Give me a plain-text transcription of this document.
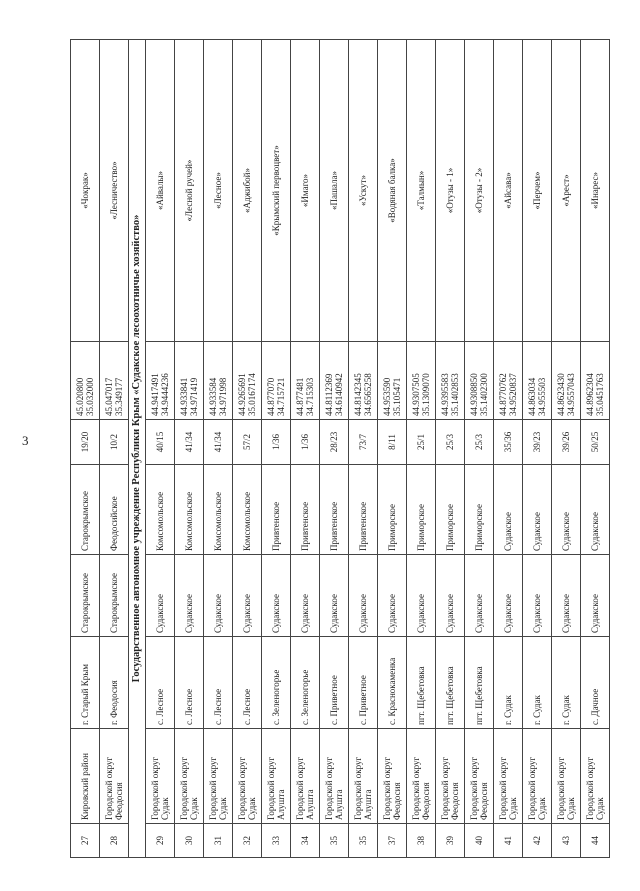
3
27	Кировский район	г. Старый Крым	Старокрымское	Старокрымское	19/20	45.020800 35.032000	«Чокрак»
28	Городской округ Феодосия	г. Феодосия	Старокрымское	Феодосийское	10/2	45.047017 35.349177	«Лесничество»
Государственное автономное учреждение Республики Крым «Судакское лесоохотничье хозяйство»							
29	Городской округ Судак	с. Лесное	Судакское	Комсомольское	40/15	44.9417491 34.9444236	«Айвалы»
30	Городской округ Судак	с. Лесное	Судакское	Комсомольское	41/34	44.933841 34.971419	«Лесной ручей»
31	Городской округ Судак	с. Лесное	Судакское	Комсомольское	41/34	44.933584 34.971998	«Лесное»
32	Городской округ Судак	с. Лесное	Судакское	Комсомольское	57/2	44.9265691 35.0167174	«Аджибой»
33	Городской округ Алушта	с. Зеленогорье	Судакское	Привтенское	1/36	44.877070 34.715721	«Крымский первоцвет»
34	Городской округ Алушта	с. Зеленогорье	Судакское	Привтенское	1/36	44.877481 34.715303	«Имаго»
35	Городской округ Алушта	с. Приветное	Судакское	Привтенское	28/23	44.8112369 34.6140942	«Пашала»
35	Городской округ Алушта	с. Приветное	Судакское	Привтенское	73/7	44.8142345 34.6565258	«Ускут»
37	Городской округ Феодосия	с. Краснокаменка	Судакское	Приморское	8/11	44.953590 35.105471	«Водяная балка»
38	Городской округ Феодосия	пгт. Щебетовка	Судакское	Приморское	25/1	44.9307505 35.1309070	«Талмын»
39	Городской округ Феодосия	пгт. Щебетовка	Судакское	Приморское	25/3	44.9395583 35.1402853	«Отузы - 1»
40	Городской округ Феодосия	пгт. Щебетовка	Судакское	Приморское	25/3	44.9308850 35.1402300	«Отузы - 2»
41	Городской округ Судак	г. Судак	Судакское	Судакское	35/36	44.8770762 34.9520837	«Айсава»
42	Городской округ Судак	г. Судак	Судакское	Судакское	39/23	44.863034 34.955503	«Перчем»
43	Городской округ Судак	г. Судак	Судакское	Судакское	39/26	44.8623430 34.9557043	«Арест»
44	Городской округ Судак	с. Дачное	Судакское	Судакское	50/25	44.8962304 35.0451763	«Инарес»
